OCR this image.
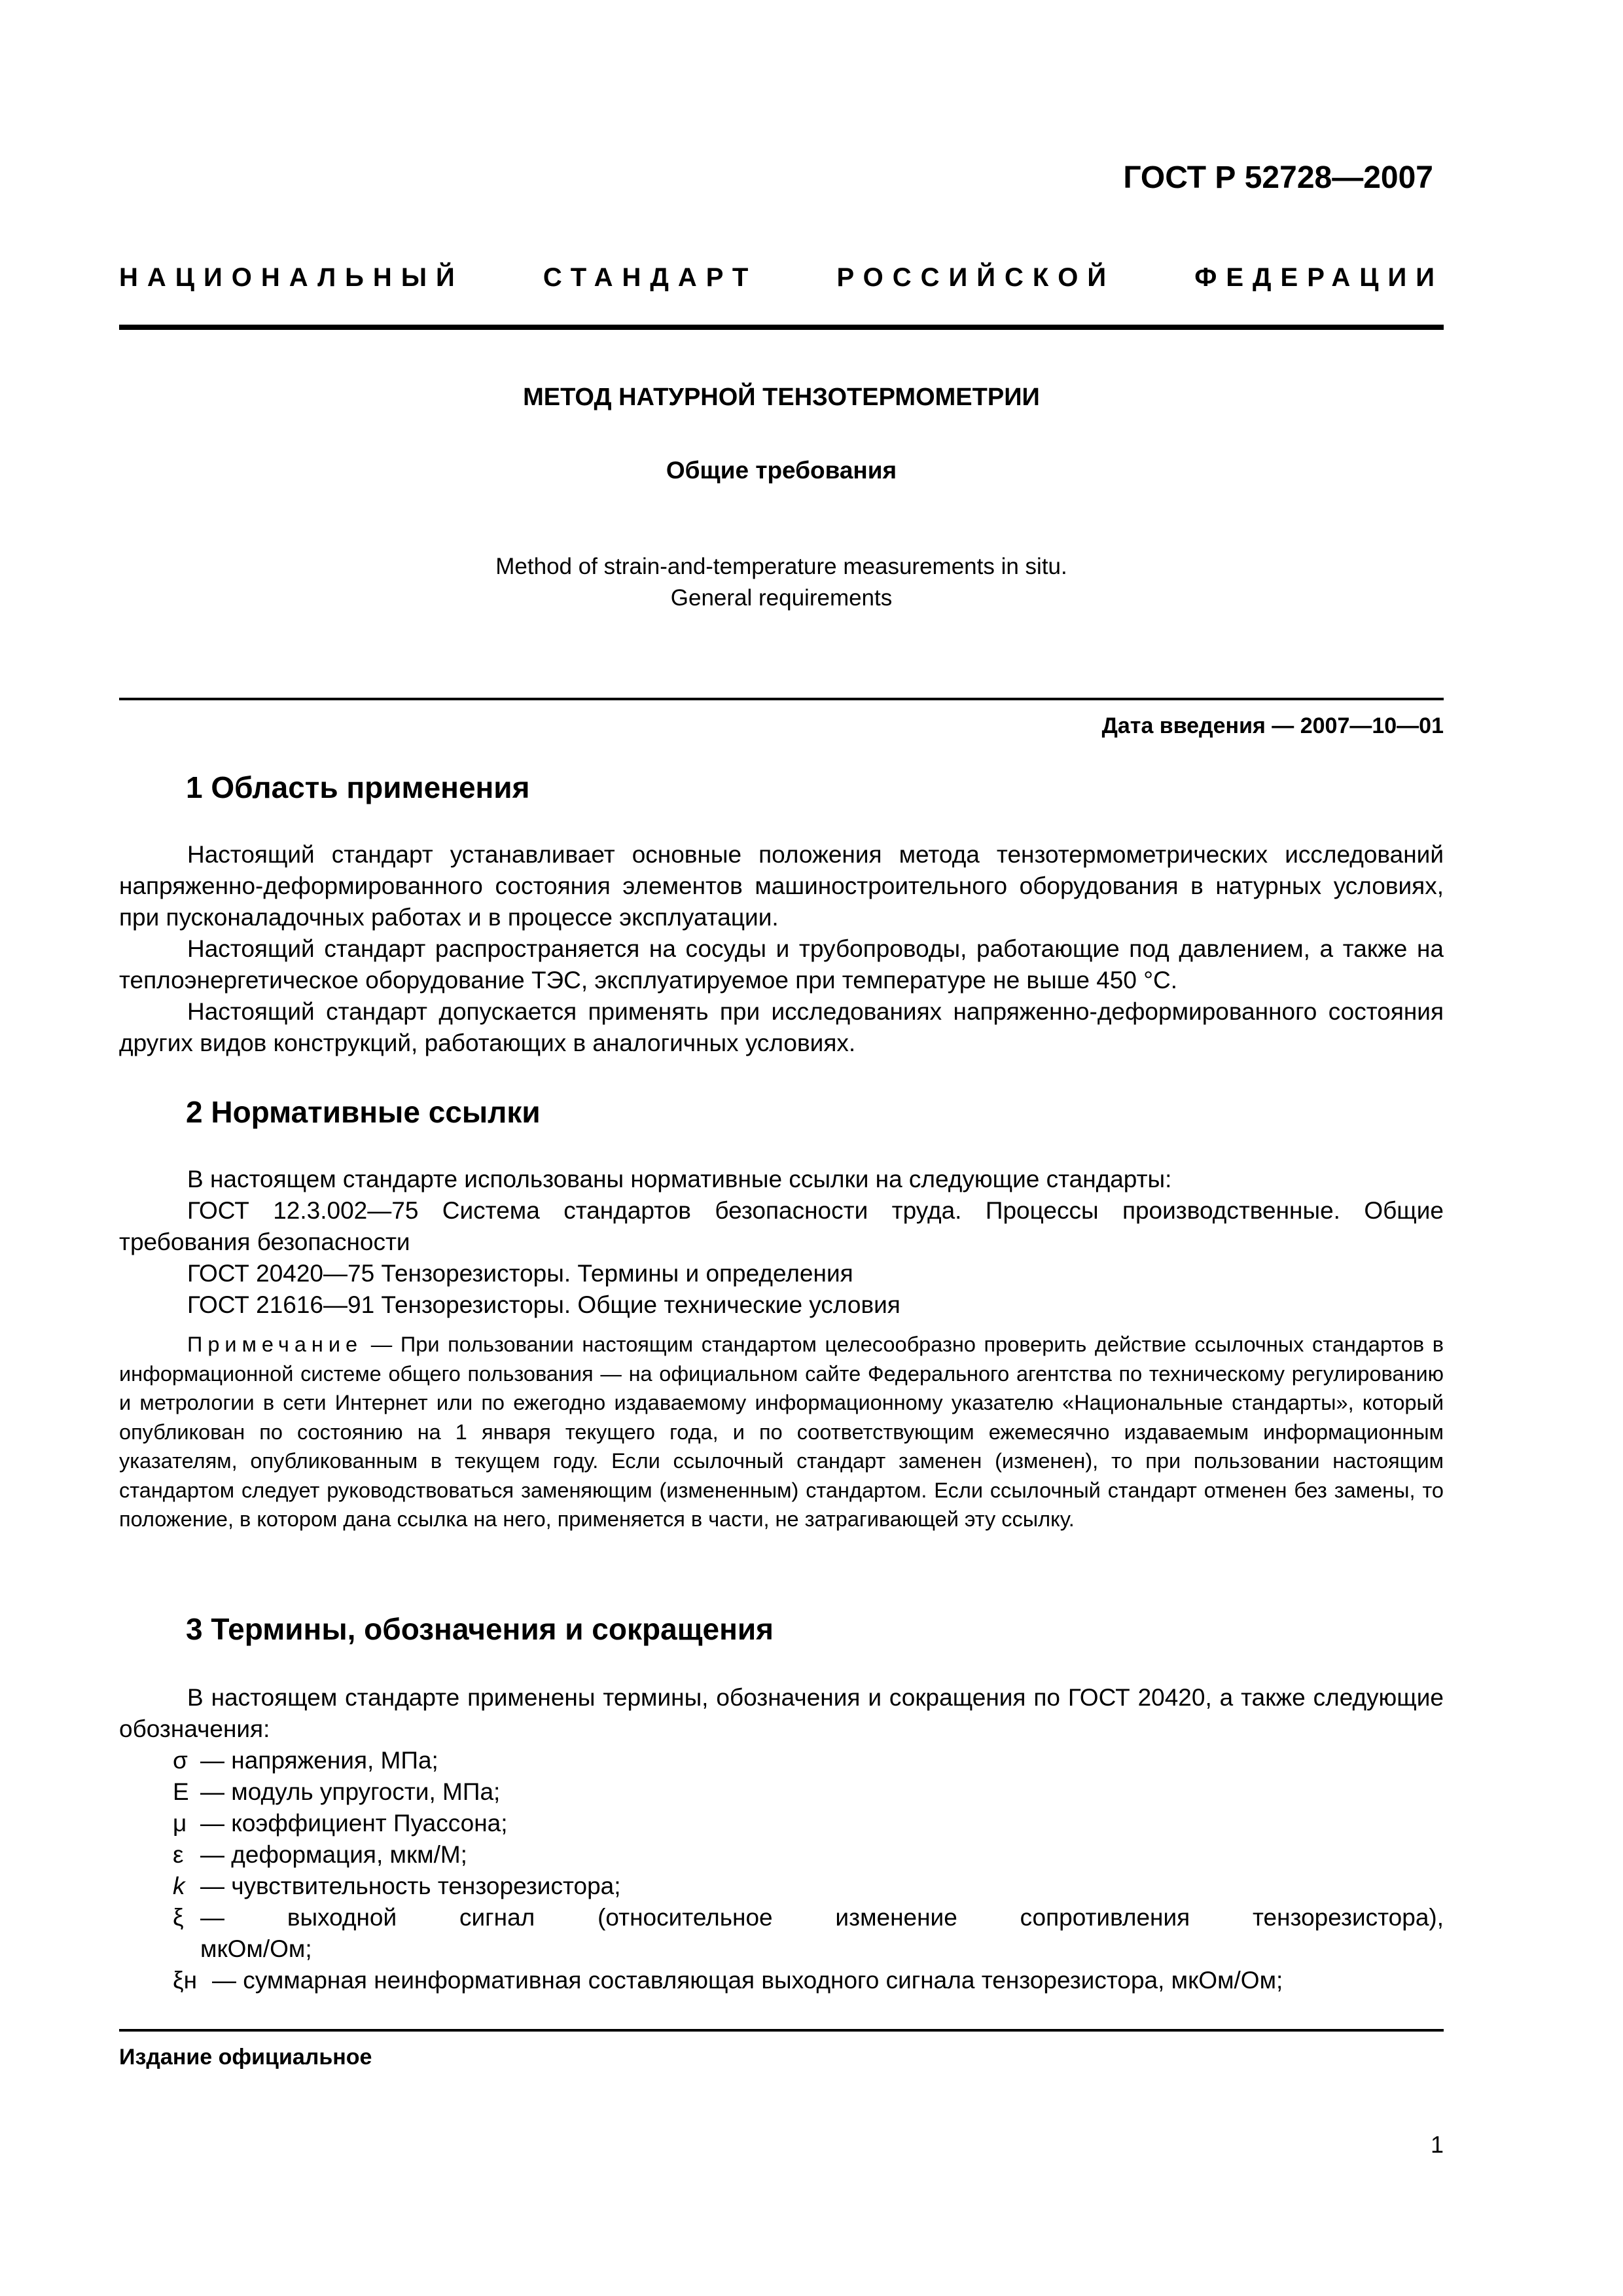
ГОСТ Р 52728—2007
НАЦИОНАЛЬНЫЙ	СТАНДАРТ	РОССИЙСКОЙ	ФЕДЕРАЦИИ
МЕТОД НАТУРНОЙ ТЕНЗОТЕРМОМЕТРИИ
Общие требования
Method of strain-and-temperature measurements in situ.
General requirements
Дата введения — 2007—10—01
1 Область применения

Настоящий стандарт устанавливает основные положения метода тензотермометрических исследований напряженно-деформированного состояния элементов машиностроительного оборудования в натурных условиях, при пусконаладочных работах и в процессе эксплуатации.

Настоящий стандарт распространяется на сосуды и трубопроводы, работающие под давлением, а также на теплоэнергетическое оборудование ТЭС, эксплуатируемое при температуре не выше 450 °С.

Настоящий стандарт допускается применять при исследованиях напряженно-деформированного состояния других видов конструкций, работающих в аналогичных условиях.

2 Нормативные ссылки

В настоящем стандарте использованы нормативные ссылки на следующие стандарты:

ГОСТ 12.3.002—75 Система стандартов безопасности труда. Процессы производственные. Общие требования безопасности

ГОСТ 20420—75 Тензорезисторы. Термины и определения

ГОСТ 21616—91 Тензорезисторы. Общие технические условия

Примечание — При пользовании настоящим стандартом целесообразно проверить действие ссылочных стандартов в информационной системе общего пользования — на официальном сайте Федерального агентства по техническому регулированию и метрологии в сети Интернет или по ежегодно издаваемому информационному указателю «Национальные стандарты», который опубликован по состоянию на 1 января текущего года, и по соответствующим ежемесячно издаваемым информационным указателям, опубликованным в текущем году. Если ссылочный стандарт заменен (изменен), то при пользовании настоящим стандартом следует руководствоваться заменяющим (измененным) стандартом. Если ссылочный стандарт отменен без замены, то положение, в котором дана ссылка на него, применяется в части, не затрагивающей эту ссылку.

3 Термины, обозначения и сокращения

В настоящем стандарте применены термины, обозначения и сокращения по ГОСТ 20420, а также следующие обозначения:

σ — напряжения, МПа;
E — модуль упругости, МПа;
μ — коэффициент Пуассона;
ε — деформация, мкм/М;
k — чувствительность тензорезистора;
ξ — выходной сигнал (относительное изменение сопротивления тензорезистора),
мкОм/Ом;
ξн — суммарная неинформативная составляющая выходного сигнала тензорезистора, мкОм/Ом;
Издание официальное
1
